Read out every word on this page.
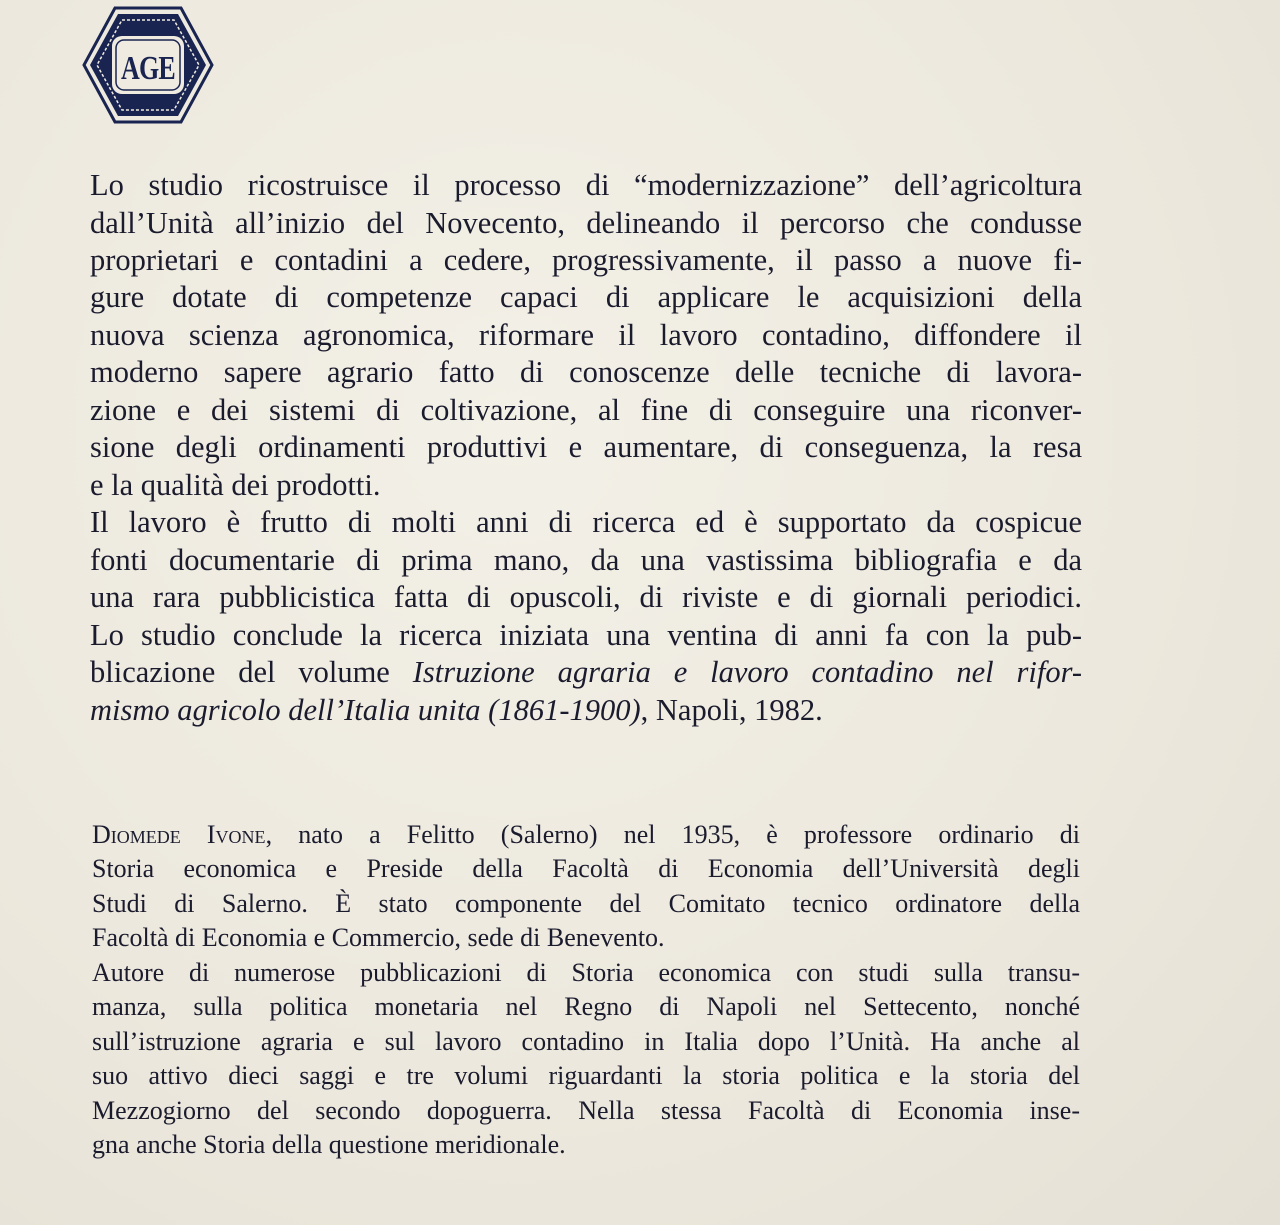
AGE

Lo studio ricostruisce il processo di “modernizzazione” dell’agricoltura

dall’Unità all’inizio del Novecento, delineando il percorso che condusse

proprietari e contadini a cedere, progressivamente, il passo a nuove fi-

gure dotate di competenze capaci di applicare le acquisizioni della

nuova scienza agronomica, riformare il lavoro contadino, diffondere il

moderno sapere agrario fatto di conoscenze delle tecniche di lavora-

zione e dei sistemi di coltivazione, al fine di conseguire una riconver-

sione degli ordinamenti produttivi e aumentare, di conseguenza, la resa

e la qualità dei prodotti.

Il lavoro è frutto di molti anni di ricerca ed è supportato da cospicue

fonti documentarie di prima mano, da una vastissima bibliografia e da

una rara pubblicistica fatta di opuscoli, di riviste e di giornali periodici.

Lo studio conclude la ricerca iniziata una ventina di anni fa con la pub-

blicazione del volume Istruzione agraria e lavoro contadino nel rifor-

mismo agricolo dell’Italia unita (1861-1900), Napoli, 1982.

Diomede Ivone, nato a Felitto (Salerno) nel 1935, è professore ordinario di

Storia economica e Preside della Facoltà di Economia dell’Università degli

Studi di Salerno. È stato componente del Comitato tecnico ordinatore della

Facoltà di Economia e Commercio, sede di Benevento.

Autore di numerose pubblicazioni di Storia economica con studi sulla transu-

manza, sulla politica monetaria nel Regno di Napoli nel Settecento, nonché

sull’istruzione agraria e sul lavoro contadino in Italia dopo l’Unità. Ha anche al

suo attivo dieci saggi e tre volumi riguardanti la storia politica e la storia del

Mezzogiorno del secondo dopoguerra. Nella stessa Facoltà di Economia inse-

gna anche Storia della questione meridionale.
